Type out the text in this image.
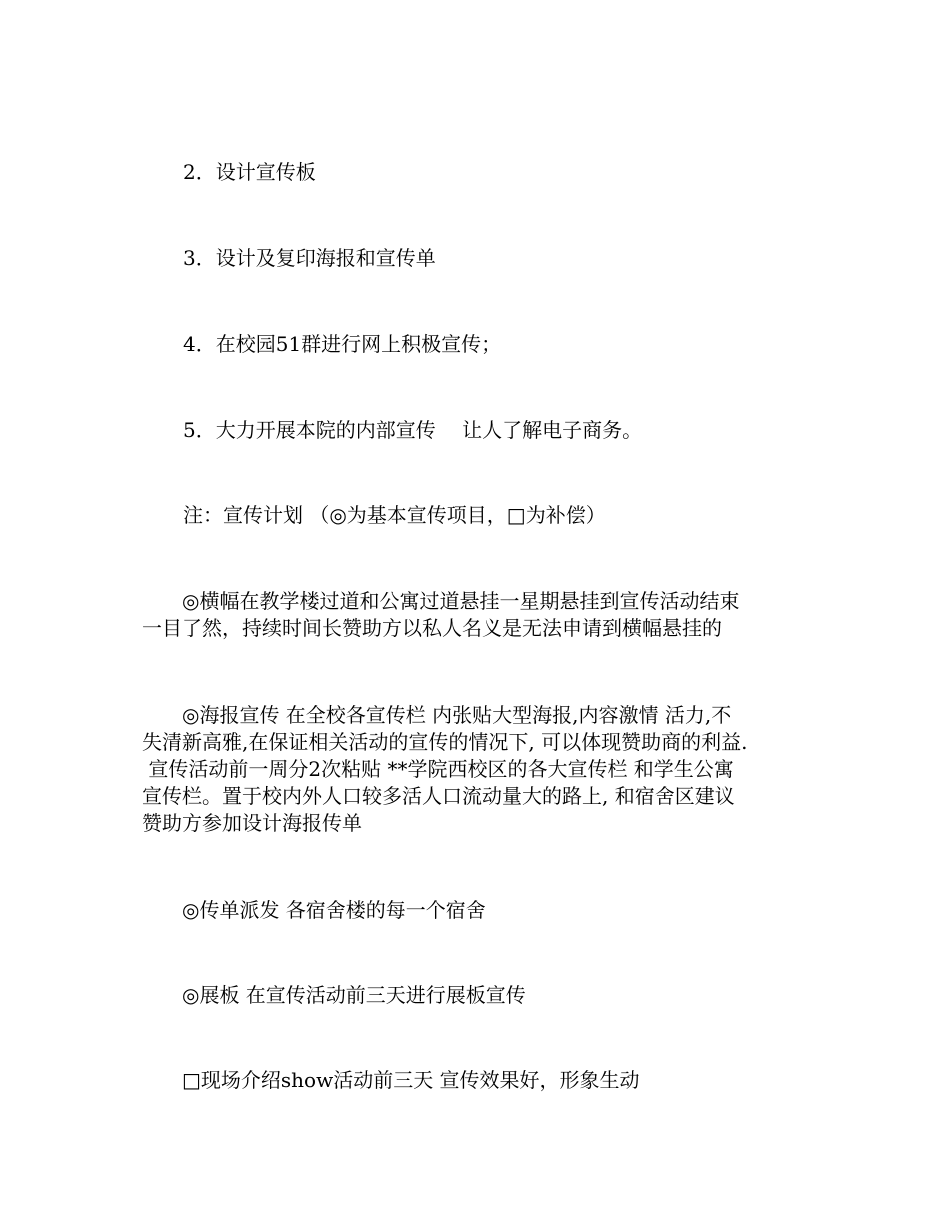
2．设计宣传板
3．设计及复印海报和宣传单
4．在校园51群进行网上积极宣传；
5．大力开展本院的内部宣传　 让人了解电子商务。
注：宣传计划 （◎为基本宣传项目，□为补偿）
　　◎横幅在教学楼过道和公寓过道悬挂一星期悬挂到宣传活动结束
一目了然，持续时间长赞助方以私人名义是无法申请到横幅悬挂的
　　◎海报宣传 在全校各宣传栏 内张贴大型海报,内容激情 活力,不
失清新高雅,在保证相关活动的宣传的情况下, 可以体现赞助商的利益.
宣传活动前一周分2次粘贴 **学院西校区的各大宣传栏 和学生公寓
宣传栏。置于校内外人口较多活人口流动量大的路上, 和宿舍区建议
赞助方参加设计海报传单
　　◎传单派发 各宿舍楼的每一个宿舍
　　◎展板 在宣传活动前三天进行展板宣传
　　□现场介绍show活动前三天 宣传效果好，形象生动
